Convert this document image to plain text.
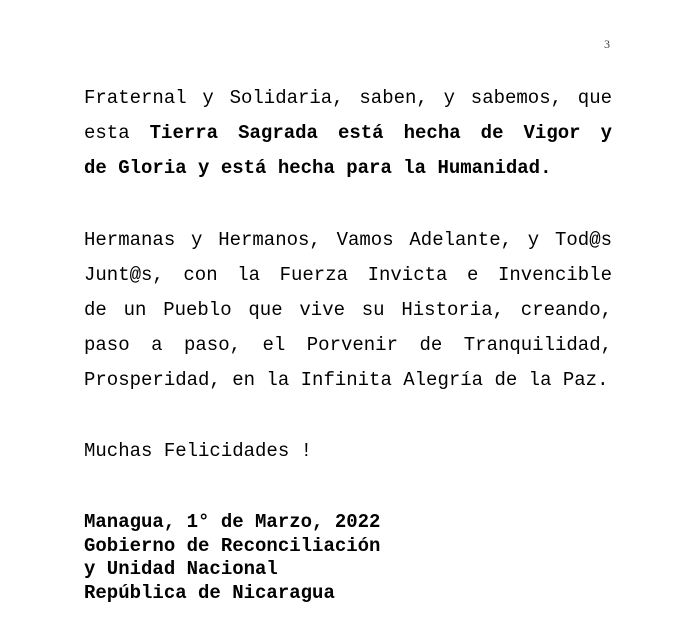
3
Fraternal y Solidaria, saben, y sabemos, que
esta Tierra Sagrada está hecha de Vigor y
de Gloria y está hecha para la Humanidad.
Hermanas y Hermanos, Vamos Adelante, y Tod@s
Junt@s, con la Fuerza Invicta e Invencible
de un Pueblo que vive su Historia, creando,
paso a paso, el Porvenir de Tranquilidad,
Prosperidad, en la Infinita Alegría de la Paz.
Muchas Felicidades !
Managua, 1° de Marzo, 2022
Gobierno de Reconciliación
y Unidad Nacional
República de Nicaragua
